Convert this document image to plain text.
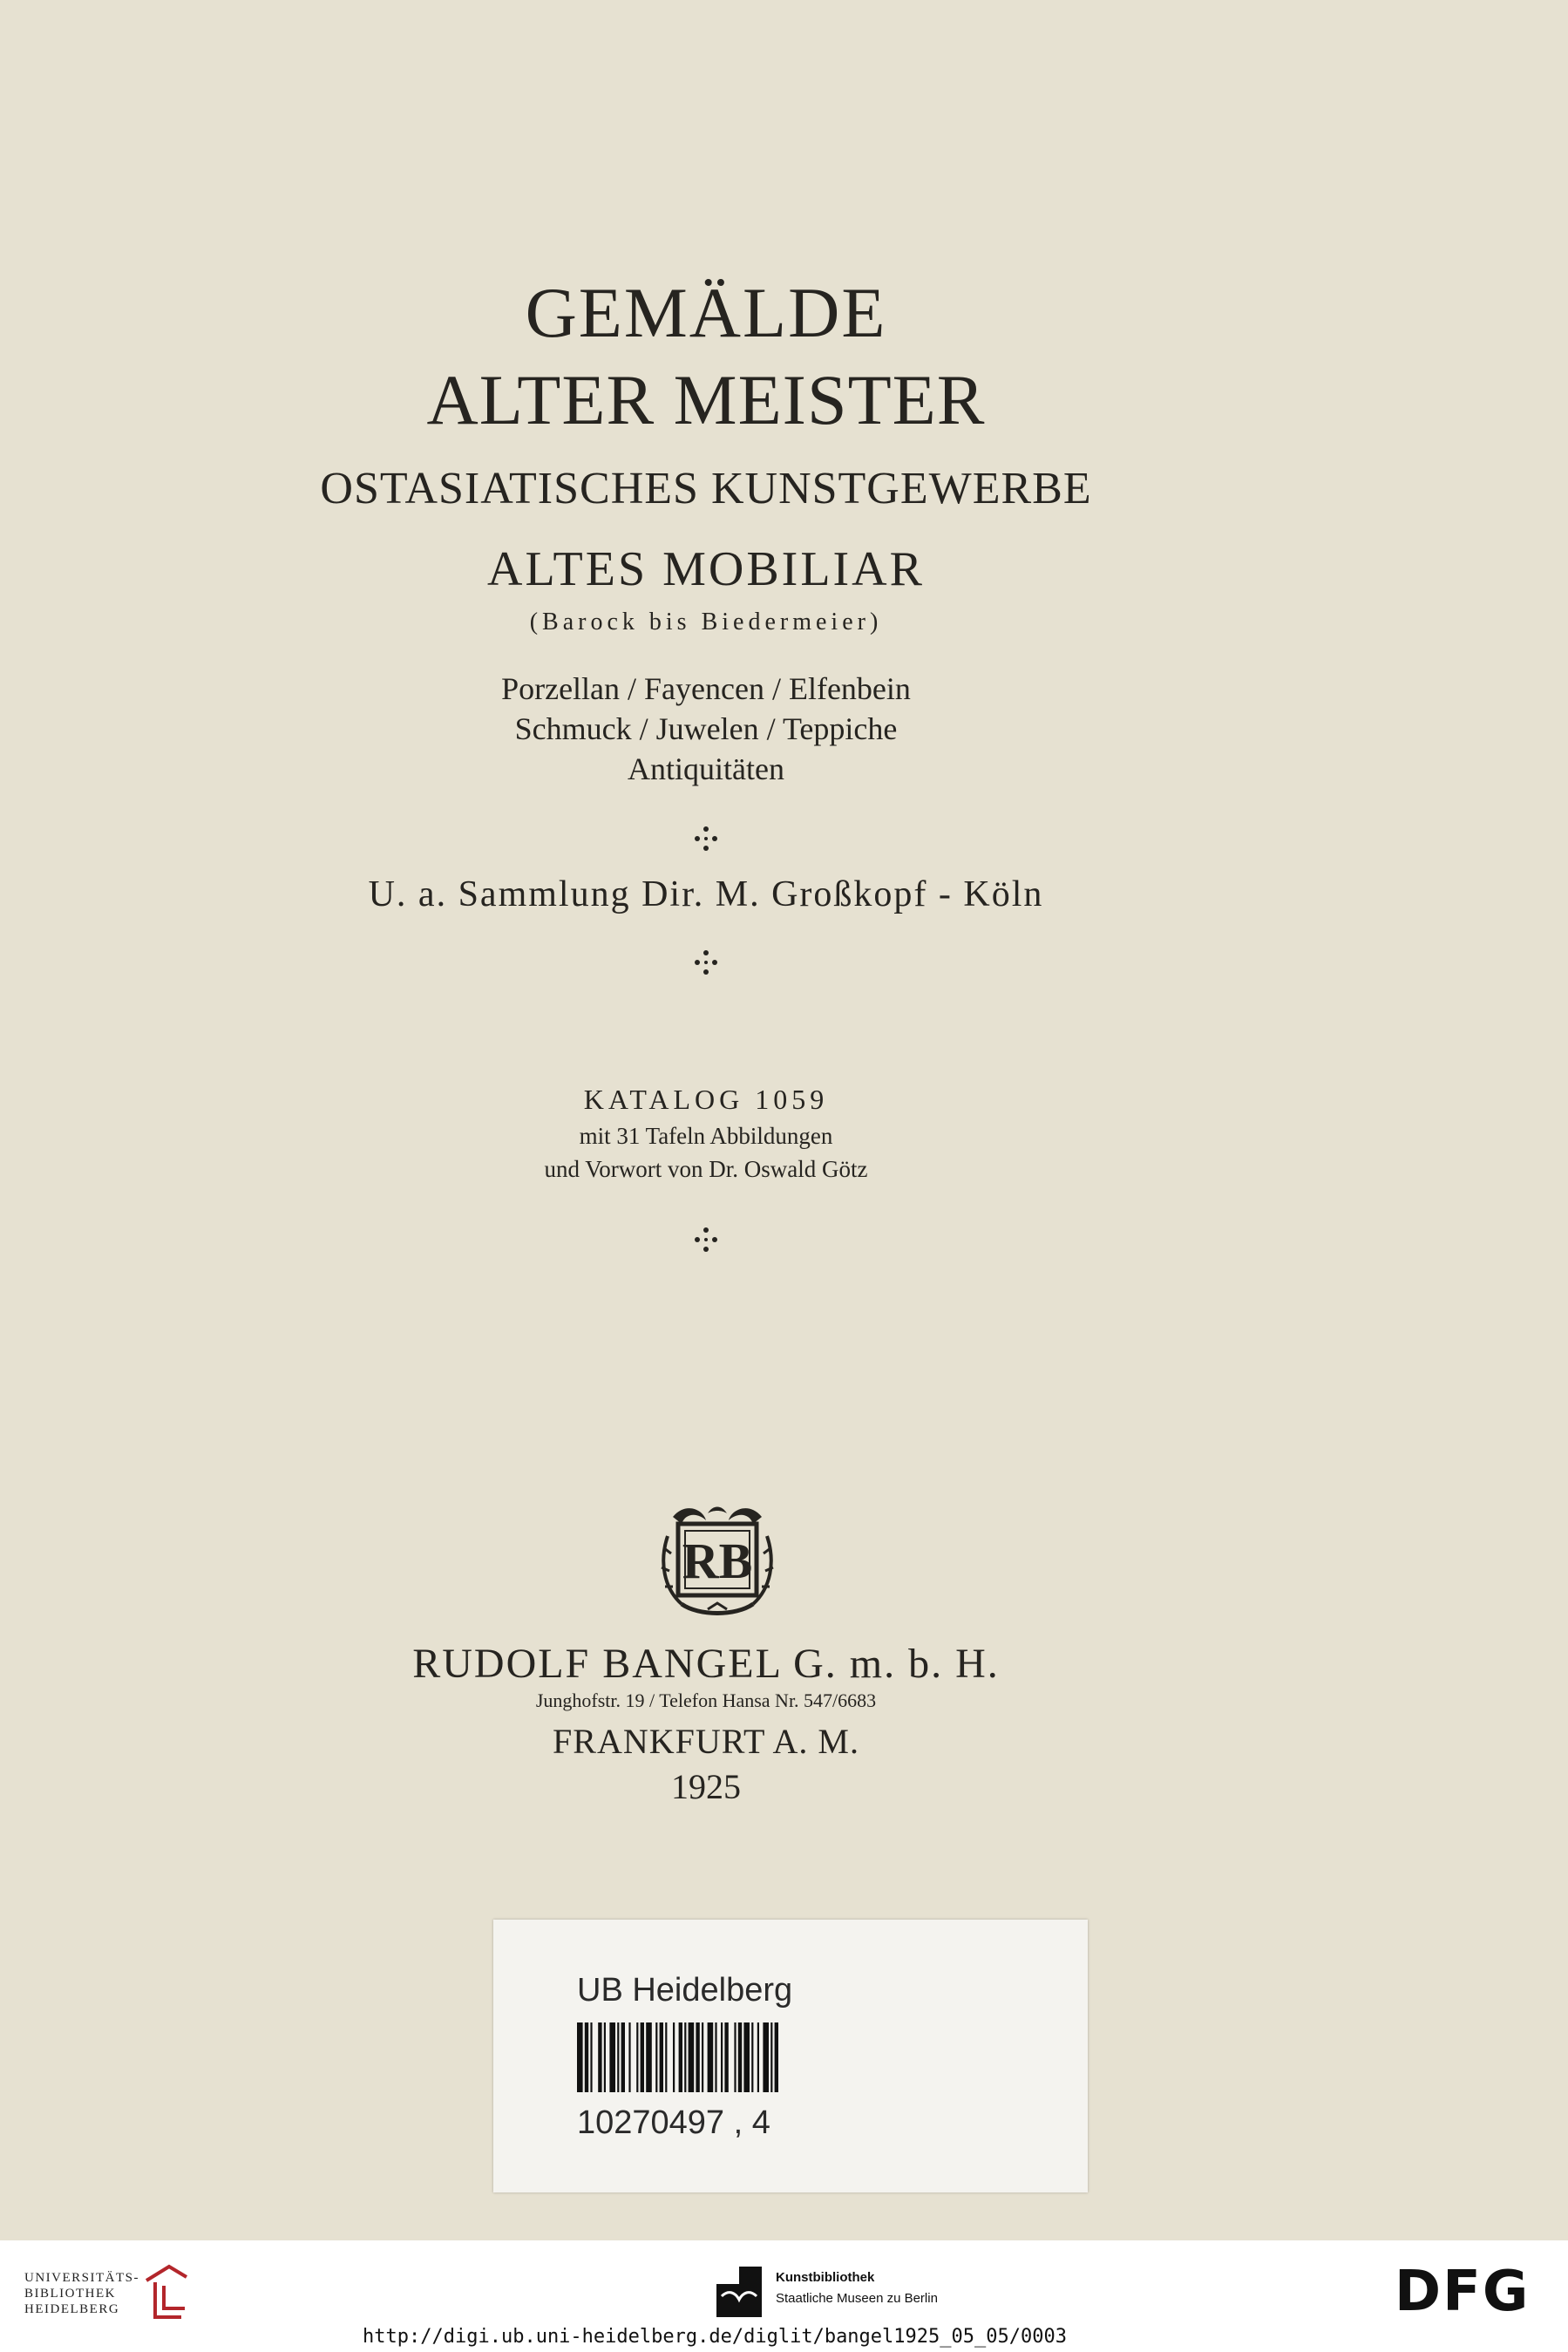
GEMÄLDE
ALTER MEISTER
OSTASIATISCHES KUNSTGEWERBE
ALTES MOBILIAR
(Barock bis Biedermeier)
Porzellan / Fayencen / Elfenbein
Schmuck / Juwelen / Teppiche
Antiquitäten
U. a. Sammlung Dir. M. Großkopf - Köln
KATALOG 1059
mit 31 Tafeln Abbildungen
und Vorwort von Dr. Oswald Götz
RB
RUDOLF BANGEL G. m. b. H.
Junghofstr. 19 / Telefon Hansa Nr. 547/6683
FRANKFURT A. M.
1925
UB Heidelberg
10270497 , 4
UNIVERSITÄTS-
BIBLIOTHEK
HEIDELBERG
Kunstbibliothek
Staatliche Museen zu Berlin	DFG
http://digi.ub.uni-heidelberg.de/diglit/bangel1925_05_05/0003
